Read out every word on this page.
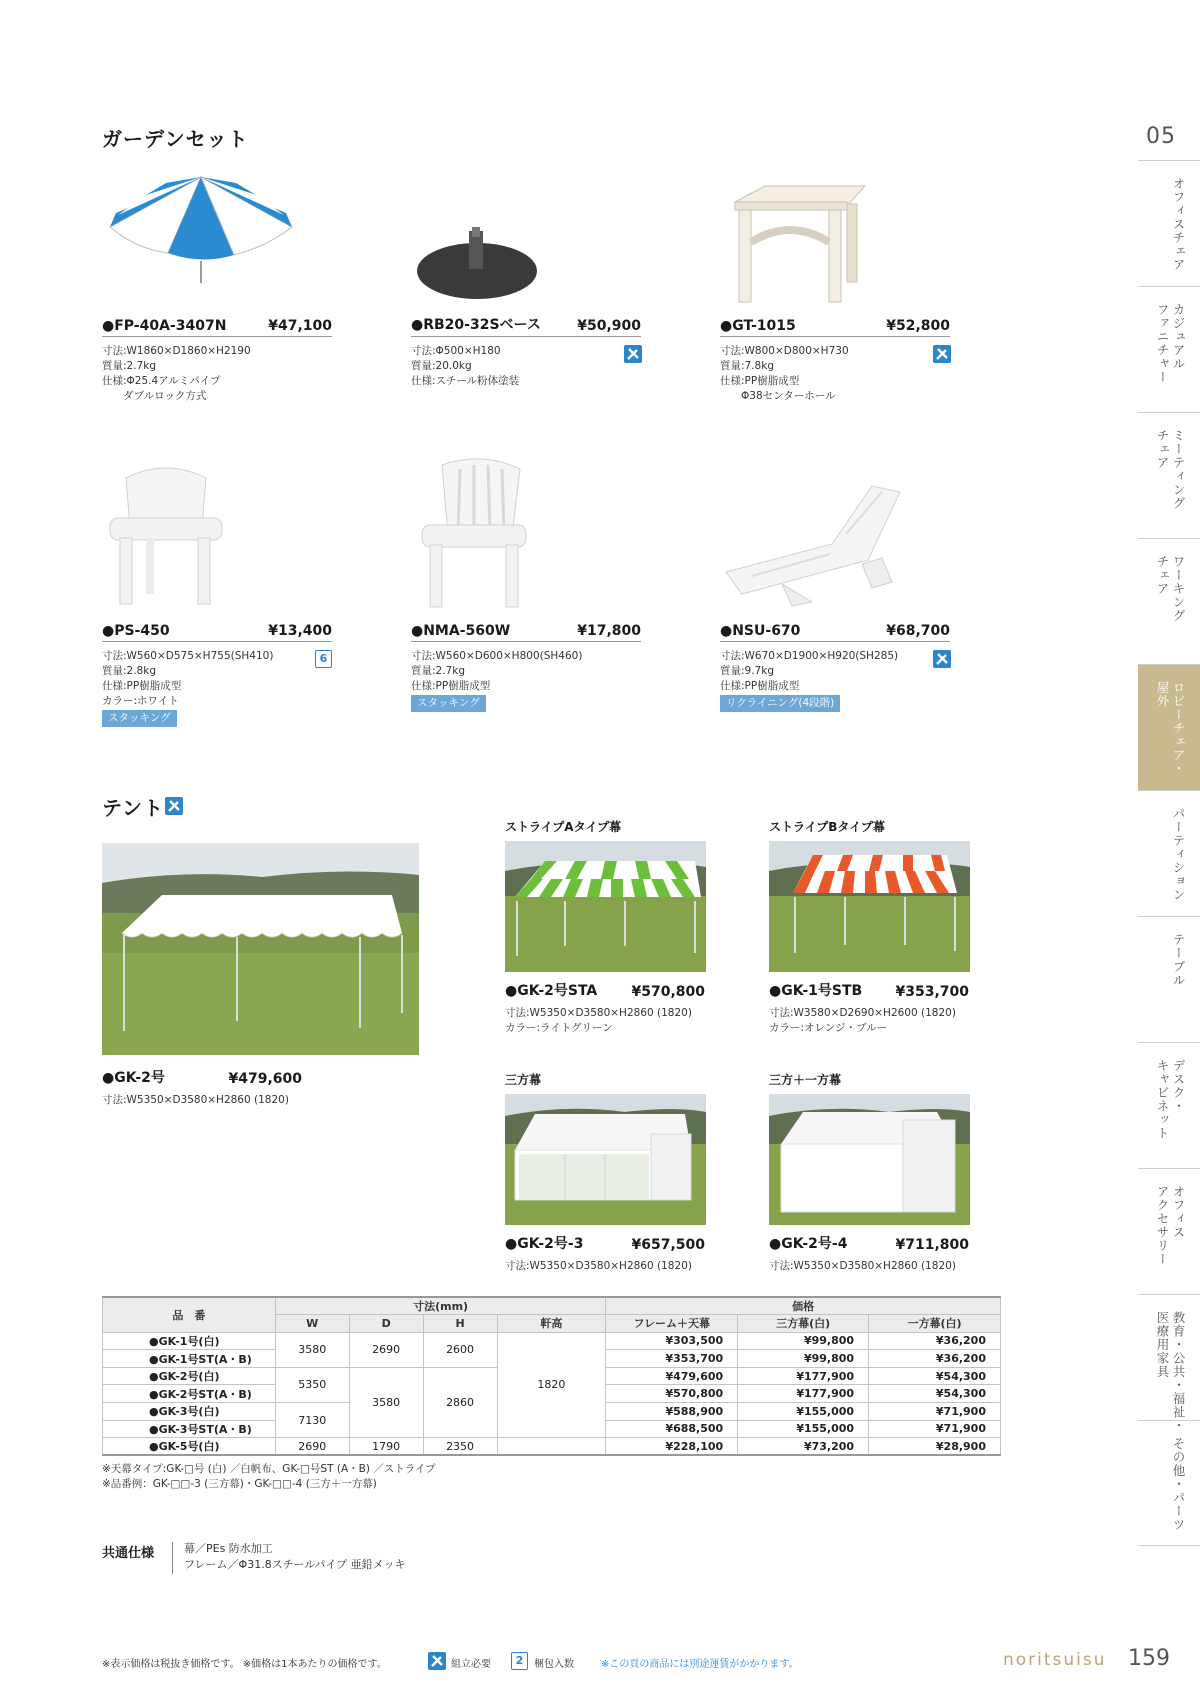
ガーデンセット
●FP-40A-3407N	¥47,100
寸法:W1860×D1860×H2190
質量:2.7kg
仕様:Φ25.4アルミパイプ
　　ダブルロック方式
●RB20-32Sベース	¥50,900
寸法:Φ500×H180
質量:20.0kg
仕様:スチール粉体塗装
●GT-1015	¥52,800
寸法:W800×D800×H730
質量:7.8kg
仕様:PP樹脂成型
　　Φ38センターホール
●PS-450	¥13,400
寸法:W560×D575×H755(SH410)
質量:2.8kg
仕様:PP樹脂成型
カラー:ホワイト
6
スタッキング
●NMA-560W	¥17,800
寸法:W560×D600×H800(SH460)
質量:2.7kg
仕様:PP樹脂成型
スタッキング
●NSU-670	¥68,700
寸法:W670×D1900×H920(SH285)
質量:9.7kg
仕様:PP樹脂成型
リクライニング(4段階)
テント
●GK-2号	¥479,600
寸法:W5350×D3580×H2860 (1820)
ストライプAタイプ幕
●GK-2号STA ¥570,800
寸法:W5350×D3580×H2860 (1820)
カラー:ライトグリーン
ストライプBタイプ幕
●GK-1号STB ¥353,700
寸法:W3580×D2690×H2600 (1820)
カラー:オレンジ・ブルー
三方幕
●GK-2号-3	¥657,500
寸法:W5350×D3580×H2860 (1820)
三方＋一方幕
●GK-2号-4	¥711,800
寸法:W5350×D3580×H2860 (1820)
品　番	寸法(mm)				価格		
	W	D	H	軒高	フレーム＋天幕	三方幕(白)	一方幕(白)
●GK-1号(白)	3580	2690	2600	1820	¥303,500	¥99,800	¥36,200
●GK-1号ST(A・B)					¥353,700	¥99,800	¥36,200
●GK-2号(白)	5350	3580	2860		¥479,600	¥177,900	¥54,300
●GK-2号ST(A・B)					¥570,800	¥177,900	¥54,300
●GK-3号(白)	7130				¥588,900	¥155,000	¥71,900
●GK-3号ST(A・B)					¥688,500	¥155,000	¥71,900
●GK-5号(白)	2690	1790	2350		¥228,100	¥73,200	¥28,900
※天幕タイプ:GK-□号 (白) ／白帆布、GK-□号ST (A・B) ／ストライプ
※品番例：GK-□□-3 (三方幕)・GK-□□-4 (三方＋一方幕)
共通仕様	幕／PEs 防水加工
フレーム／Φ31.8スチールパイプ 亜鉛メッキ
※表示価格は税抜き価格です。 ※価格は1本あたりの価格です。	組立必要	2	梱包入数	※この頁の商品には別途運賃がかかります。	noritsuisu 159
05
オフィスチェア
カジュアル
ファニチャー
ミーティング
チェア
ワーキング
チェア
ロビーチェア・
屋外
パーティション
テーブル
デスク・
キャビネット
オフィス
アクセサリー
教育・公共・福祉・
医療用家具
その他・パーツ
